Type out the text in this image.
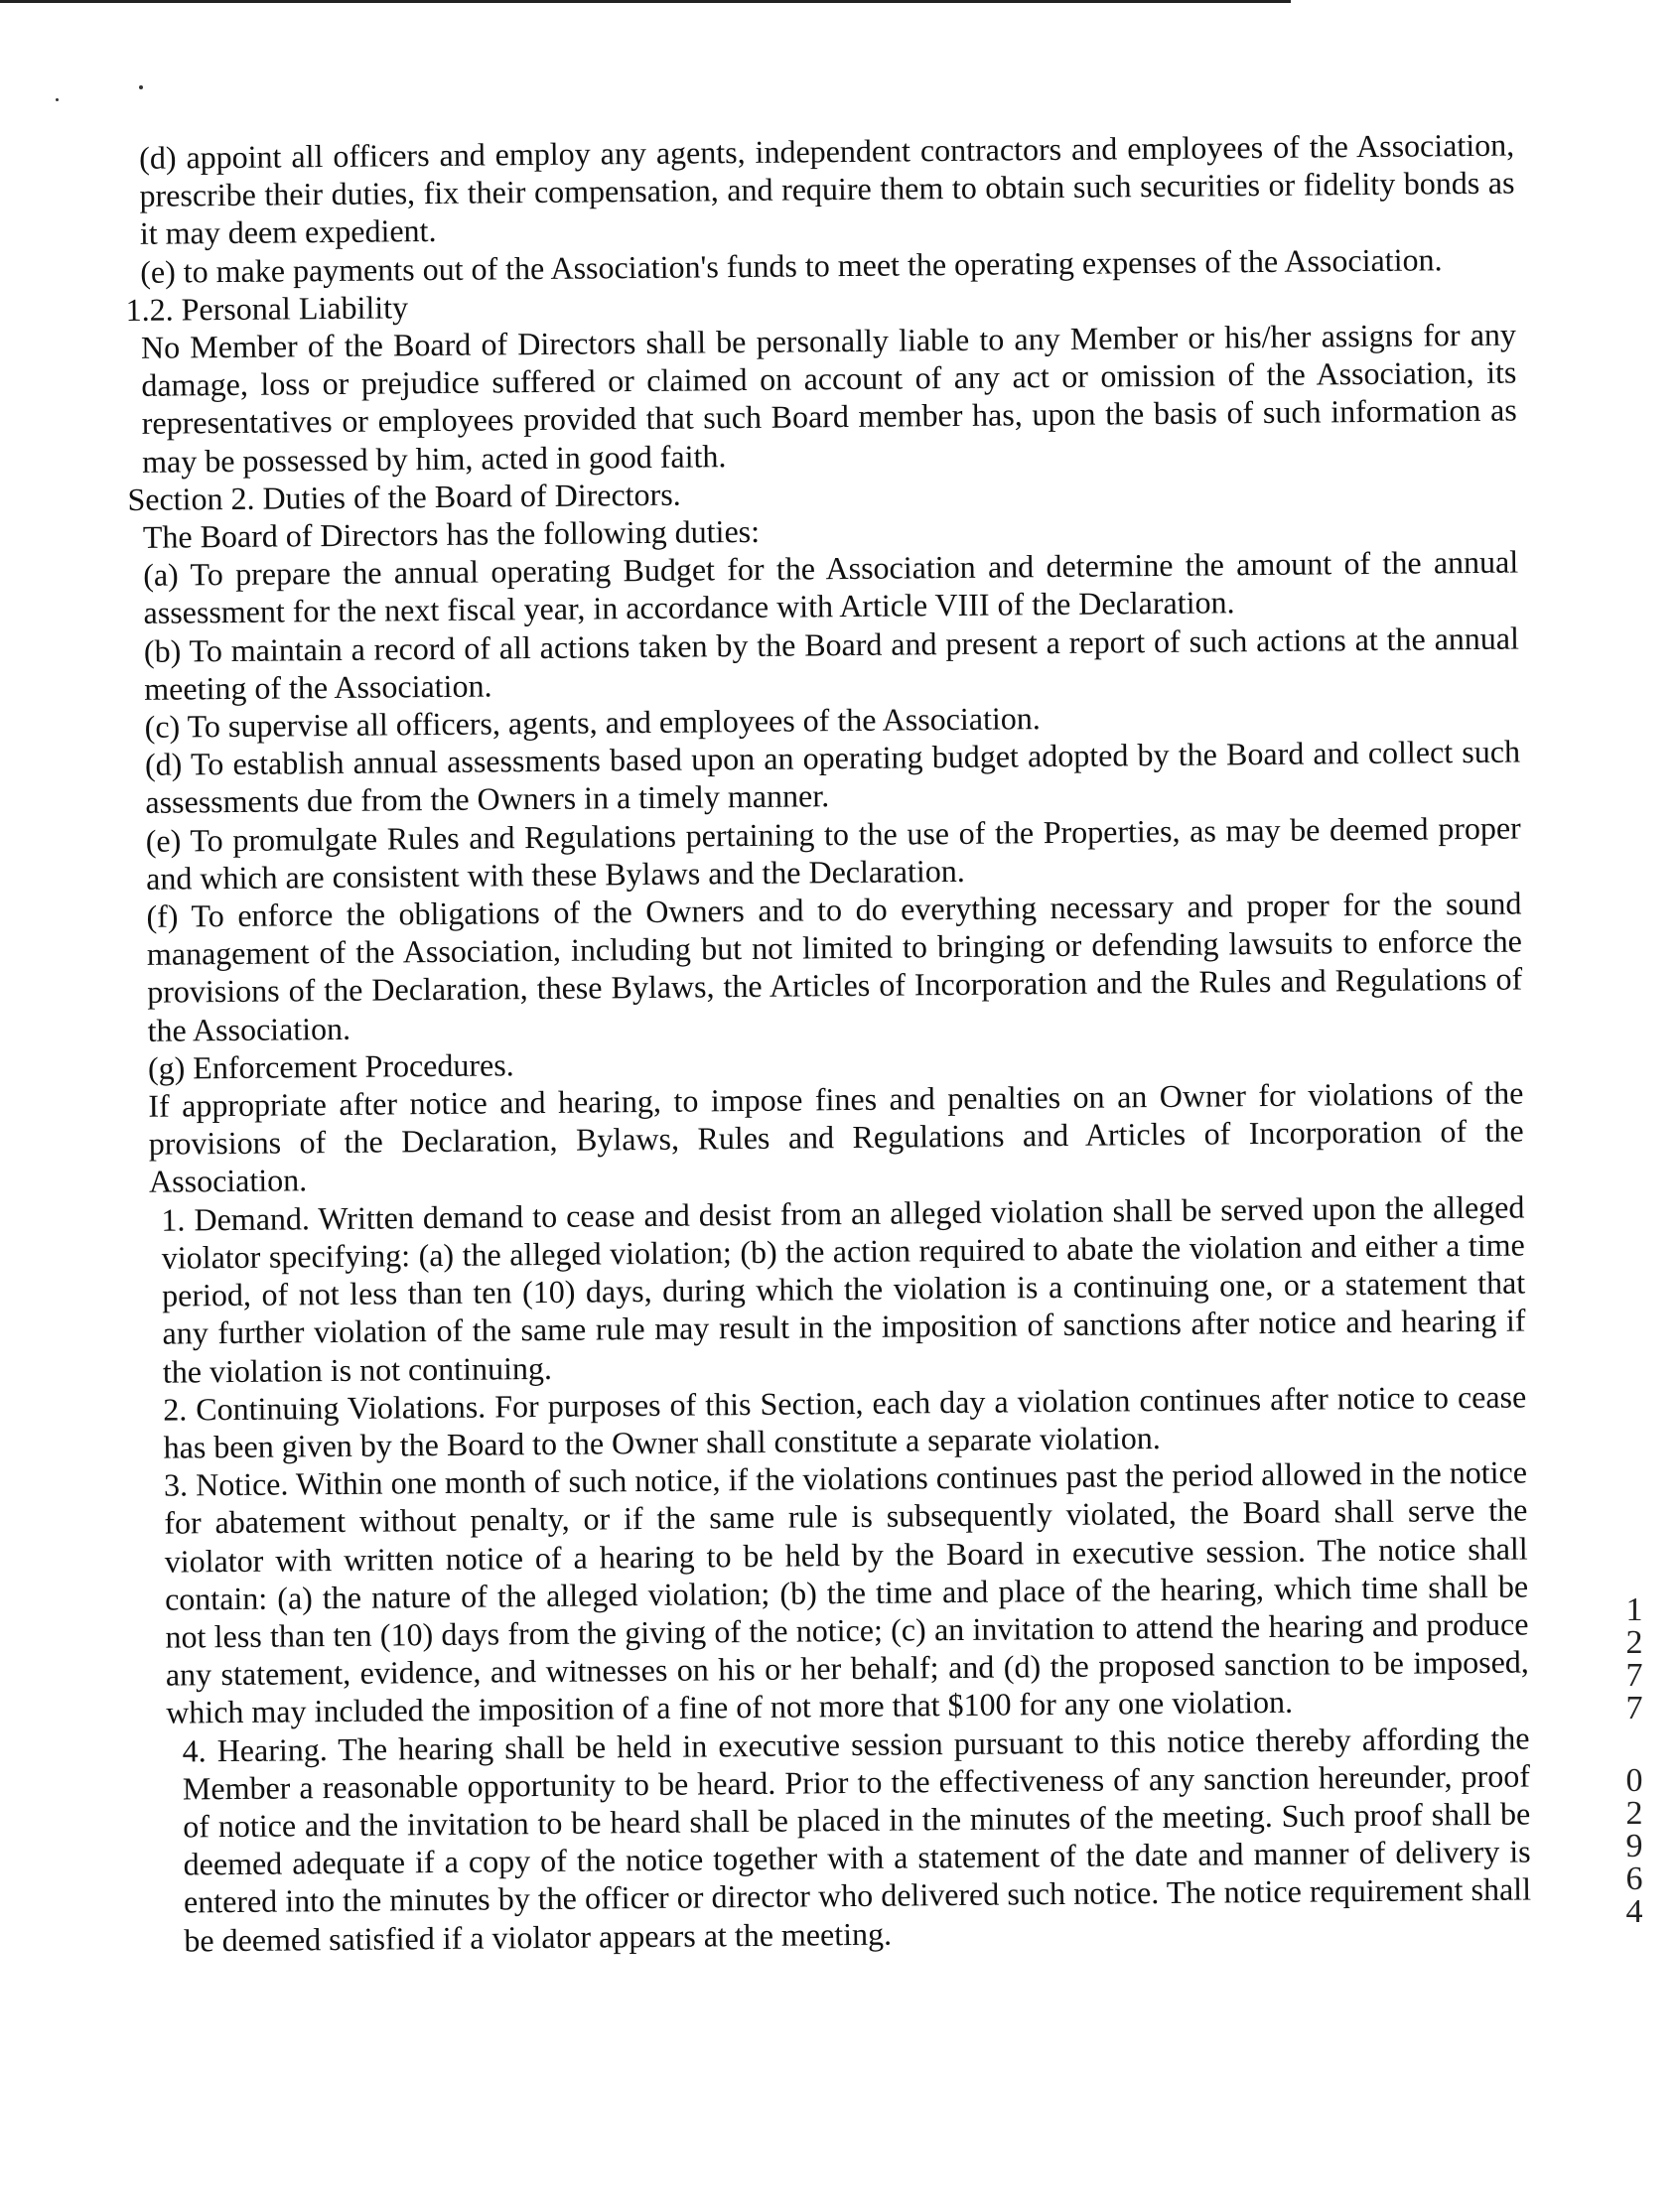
(d) appoint all officers and employ any agents, independent contractors and employees of the Association, prescribe their duties, fix their compensation, and require them to obtain such securities or fidelity bonds as it may deem expedient.

(e) to make payments out of the Association's funds to meet the operating expenses of the Association.

1.2. Personal Liability

No Member of the Board of Directors shall be personally liable to any Member or his/her assigns for any damage, loss or prejudice suffered or claimed on account of any act or omission of the Association, its representatives or employees provided that such Board member has, upon the basis of such information as may be possessed by him, acted in good faith.

Section 2. Duties of the Board of Directors.

The Board of Directors has the following duties:

(a) To prepare the annual operating Budget for the Association and determine the amount of the annual assessment for the next fiscal year, in accordance with Article VIII of the Declaration.

(b) To maintain a record of all actions taken by the Board and present a report of such actions at the annual meeting of the Association.

(c) To supervise all officers, agents, and employees of the Association.

(d) To establish annual assessments based upon an operating budget adopted by the Board and collect such assessments due from the Owners in a timely manner.

(e) To promulgate Rules and Regulations pertaining to the use of the Properties, as may be deemed proper and which are consistent with these Bylaws and the Declaration.

(f) To enforce the obligations of the Owners and to do everything necessary and proper for the sound management of the Association, including but not limited to bringing or defending lawsuits to enforce the provisions of the Declaration, these Bylaws, the Articles of Incorporation and the Rules and Regulations of the Association.

(g) Enforcement Procedures.

If appropriate after notice and hearing, to impose fines and penalties on an Owner for violations of the provisions of the Declaration, Bylaws, Rules and Regulations and Articles of Incorporation of the Association.

1. Demand. Written demand to cease and desist from an alleged violation shall be served upon the alleged violator specifying: (a) the alleged violation; (b) the action required to abate the violation and either a time period, of not less than ten (10) days, during which the violation is a continuing one, or a statement that any further violation of the same rule may result in the imposition of sanctions after notice and hearing if the violation is not continuing.

2. Continuing Violations. For purposes of this Section, each day a violation continues after notice to cease has been given by the Board to the Owner shall constitute a separate violation.

3. Notice. Within one month of such notice, if the violations continues past the period allowed in the notice for abatement without penalty, or if the same rule is subsequently violated, the Board shall serve the violator with written notice of a hearing to be held by the Board in executive session. The notice shall contain: (a) the nature of the alleged violation; (b) the time and place of the hearing, which time shall be not less than ten (10) days from the giving of the notice; (c) an invitation to attend the hearing and produce any statement, evidence, and witnesses on his or her behalf; and (d) the proposed sanction to be imposed, which may included the imposition of a fine of not more that $100 for any one violation.

4. Hearing. The hearing shall be held in executive session pursuant to this notice thereby affording the Member a reasonable opportunity to be heard. Prior to the effectiveness of any sanction hereunder, proof of notice and the invitation to be heard shall be placed in the minutes of the meeting. Such proof shall be deemed adequate if a copy of the notice together with a statement of the date and manner of delivery is entered into the minutes by the officer or director who delivered such notice. The notice requirement shall be deemed satisfied if a violator appears at the meeting.

1
2
7
7
0
2
9
6
4
